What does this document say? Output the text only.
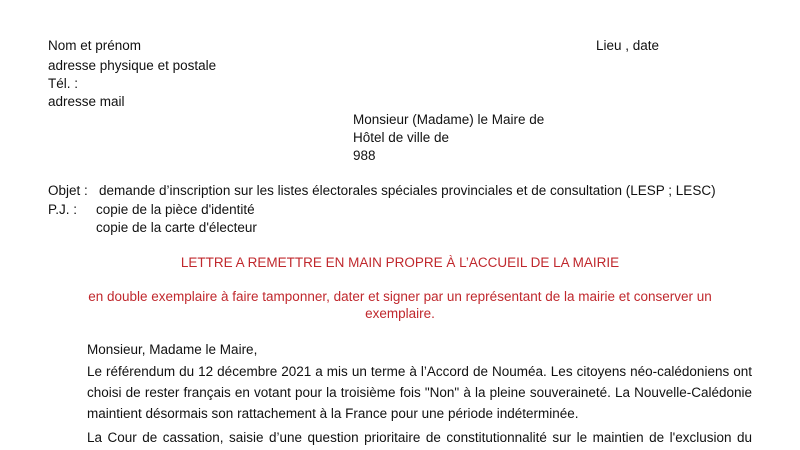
Nom et prénom
adresse physique et postale
Tél. :
adresse mail
Lieu , date
Monsieur (Madame) le Maire de
Hôtel de ville de
988
Objet : demande d’inscription sur les listes électorales spéciales provinciales et de consultation (LESP ; LESC)
P.J. : copie de la pièce d'identité
copie de la carte d'électeur
LETTRE A REMETTRE EN MAIN PROPRE À L’ACCUEIL DE LA MAIRIE
en double exemplaire à faire tamponner, dater et signer par un représentant de la mairie et conserver un
exemplaire.
Monsieur, Madame le Maire,
Le référendum du 12 décembre 2021 a mis un terme à l’Accord de Nouméa. Les citoyens néo-calédoniens ont
choisi de rester français en votant pour la troisième fois "Non" à la pleine souveraineté. La Nouvelle-Calédonie
maintient désormais son rattachement à la France pour une période indéterminée.
La Cour de cassation, saisie d’une question prioritaire de constitutionnalité sur le maintien de l'exclusion du
